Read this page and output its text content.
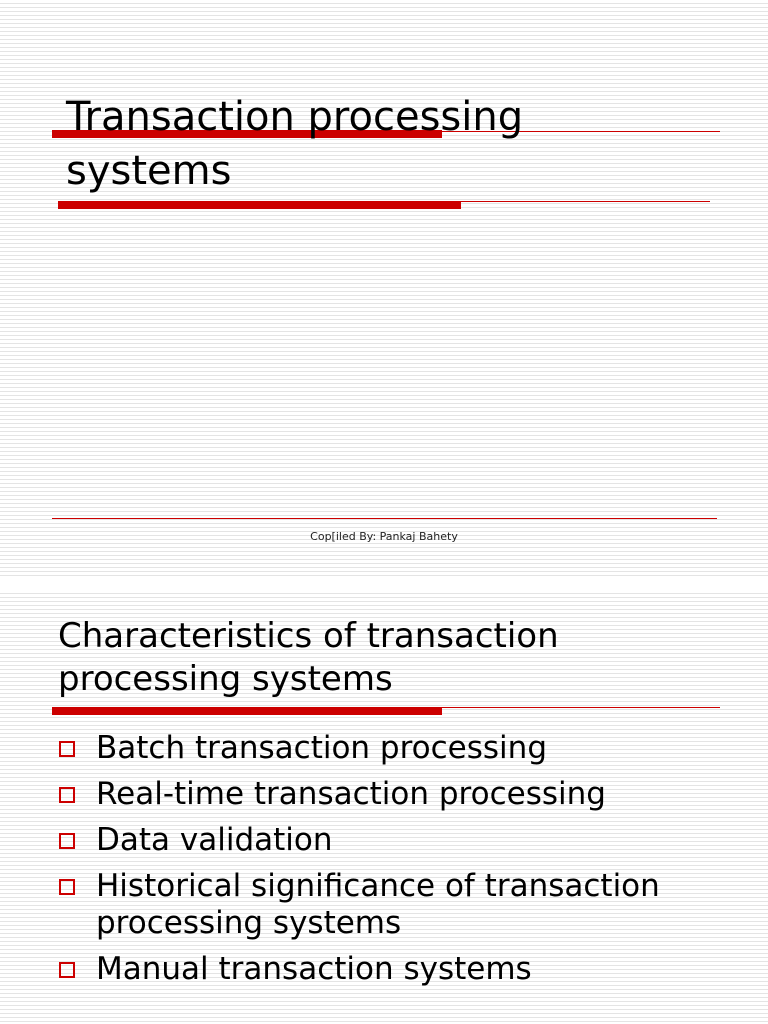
Transaction processing
systems

Cop[iled By: Pankaj Bahety

Characteristics of transaction
processing systems
Batch transaction processing
Real-time transaction processing
Data validation
Historical significance of transaction
processing systems
Manual transaction systems
